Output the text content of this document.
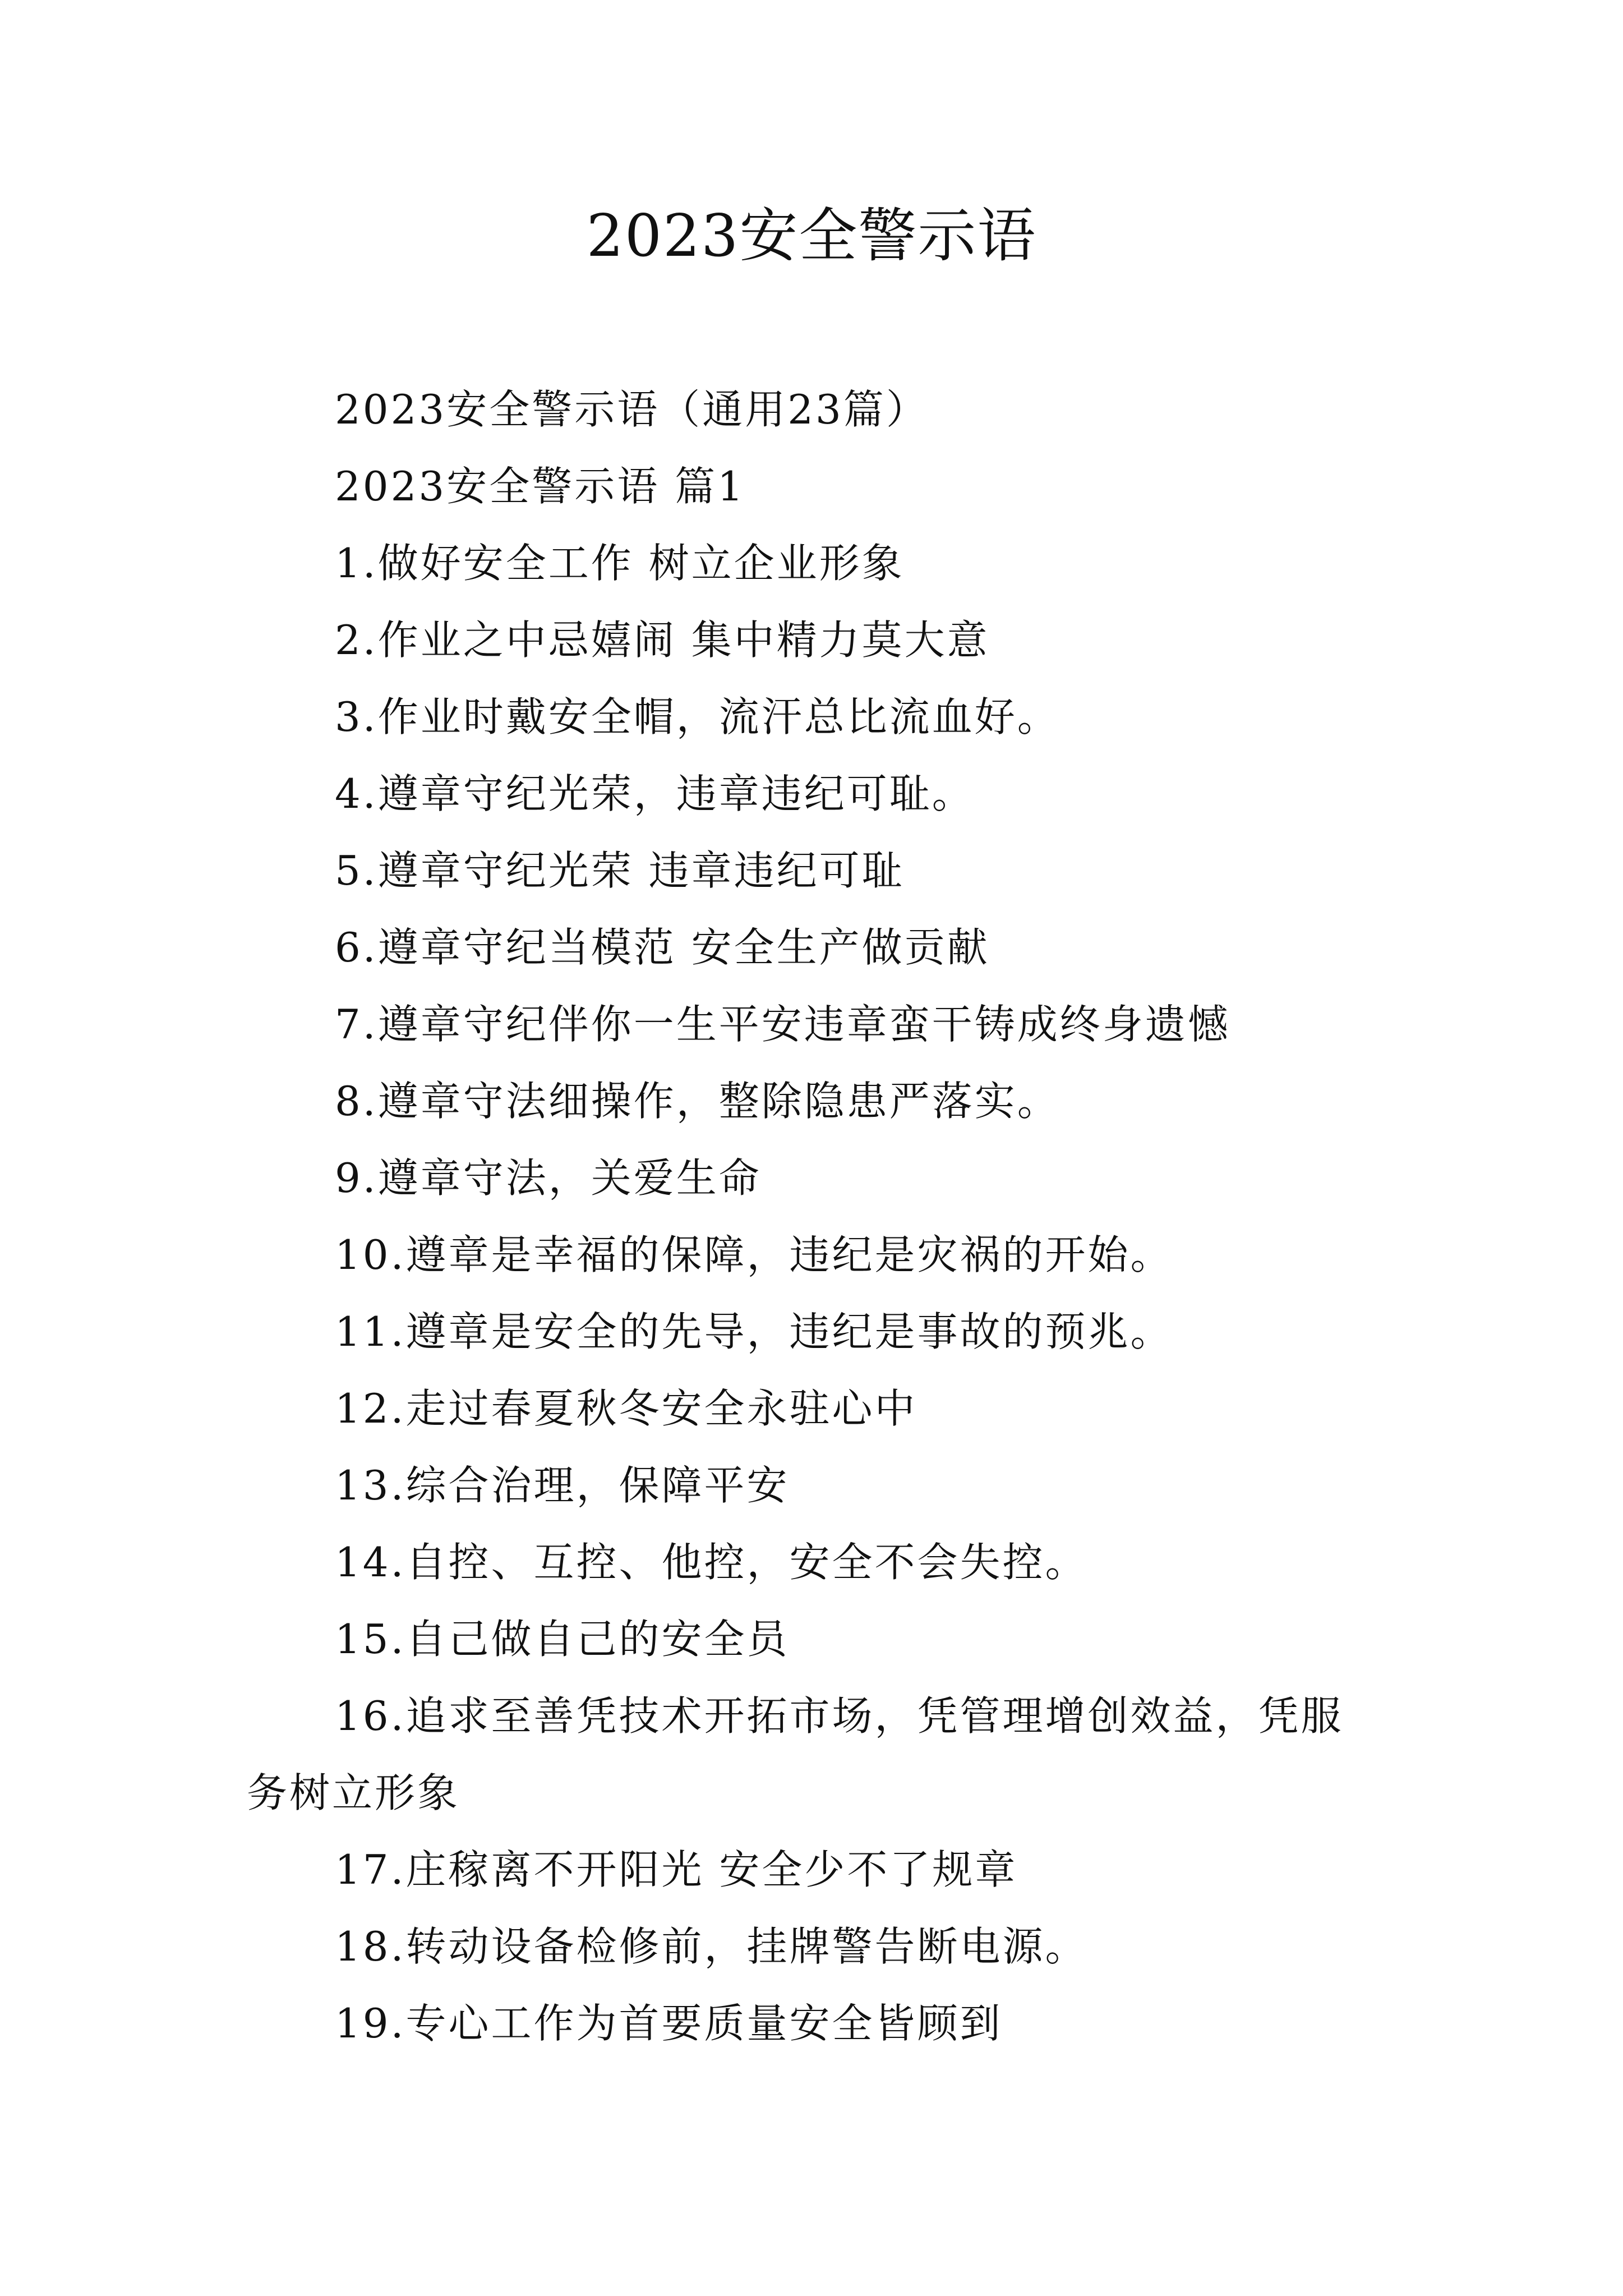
2023安全警示语

2023安全警示语（通用23篇）

2023安全警示语 篇1

1.做好安全工作 树立企业形象

2.作业之中忌嬉闹 集中精力莫大意

3.作业时戴安全帽，流汗总比流血好。

4.遵章守纪光荣，违章违纪可耻。

5.遵章守纪光荣 违章违纪可耻

6.遵章守纪当模范 安全生产做贡献

7.遵章守纪伴你一生平安违章蛮干铸成终身遗憾

8.遵章守法细操作，整除隐患严落实。

9.遵章守法，关爱生命

10.遵章是幸福的保障，违纪是灾祸的开始。

11.遵章是安全的先导，违纪是事故的预兆。

12.走过春夏秋冬安全永驻心中

13.综合治理，保障平安

14.自控、互控、他控，安全不会失控。

15.自己做自己的安全员

16.追求至善凭技术开拓市场，凭管理增创效益，凭服务树立形象

17.庄稼离不开阳光 安全少不了规章

18.转动设备检修前，挂牌警告断电源。

19.专心工作为首要质量安全皆顾到
